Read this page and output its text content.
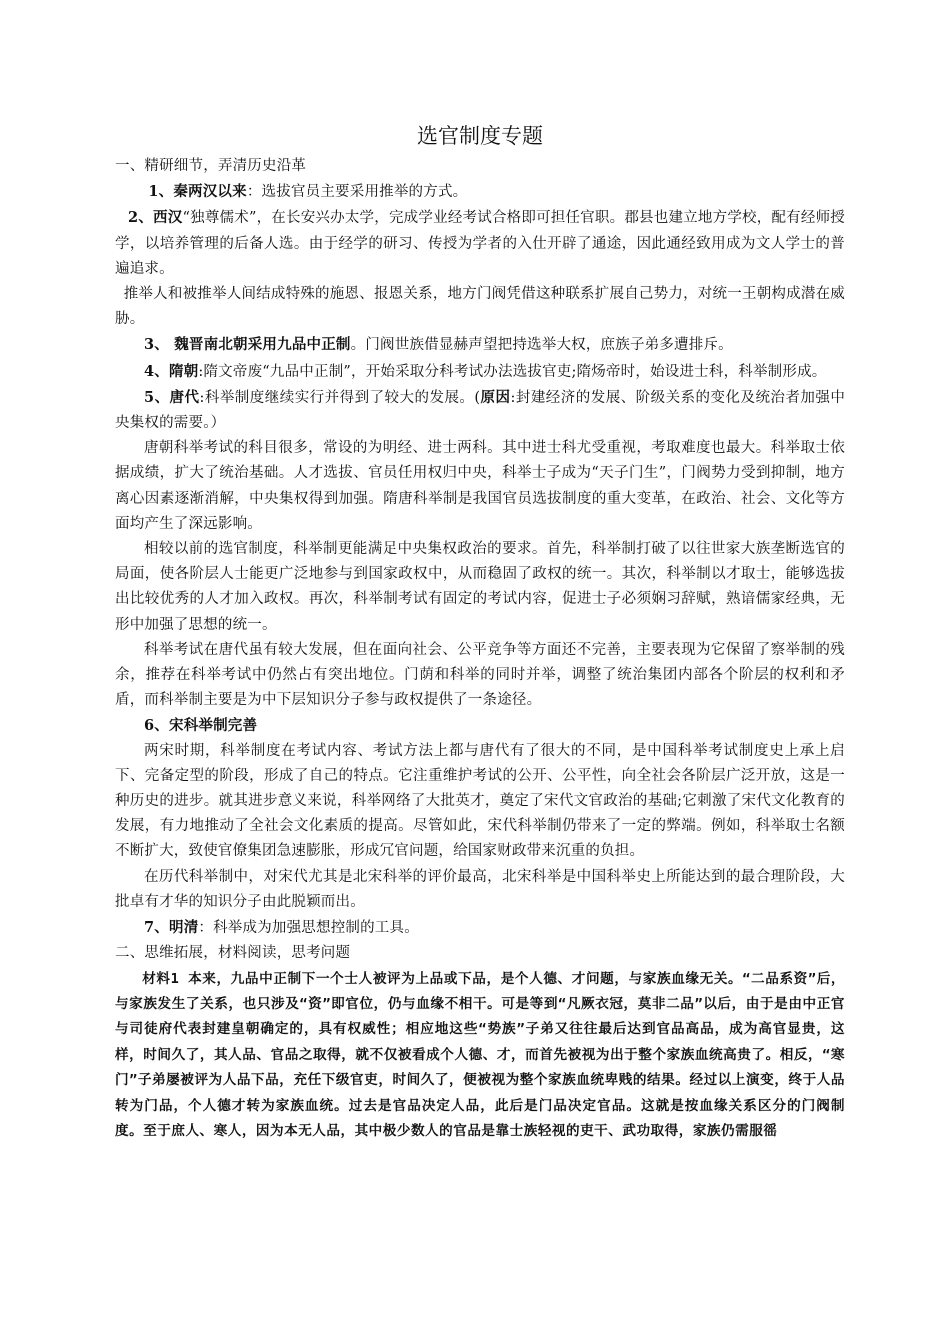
选官制度专题

一、精研细节，弄清历史沿革

1、秦两汉以来：选拔官员主要采用推举的方式。

2、西汉“独尊儒术”，在长安兴办太学，完成学业经考试合格即可担任官职。郡县也建立地方学校，配有经师授学，以培养管理的后备人选。由于经学的研习、传授为学者的入仕开辟了通途，因此通经致用成为文人学士的普遍追求。

推举人和被推举人间结成特殊的施恩、报恩关系，地方门阀凭借这种联系扩展自己势力，对统一王朝构成潜在威胁。

3、 魏晋南北朝采用九品中正制。门阀世族借显赫声望把持选举大权，庶族子弟多遭排斥。

4、隋朝:隋文帝废“九品中正制”，开始采取分科考试办法选拔官吏;隋炀帝时，始设进士科，科举制形成。

5、唐代:科举制度继续实行并得到了较大的发展。(原因:封建经济的发展、阶级关系的变化及统治者加强中央集权的需要。）

唐朝科举考试的科目很多，常设的为明经、进士两科。其中进士科尤受重视，考取难度也最大。科举取士依据成绩，扩大了统治基础。人才选拔、官员任用权归中央，科举士子成为“天子门生”，门阀势力受到抑制，地方离心因素逐渐消解，中央集权得到加强。隋唐科举制是我国官员选拔制度的重大变革，在政治、社会、文化等方面均产生了深远影响。

相较以前的选官制度，科举制更能满足中央集权政治的要求。首先，科举制打破了以往世家大族垄断选官的局面，使各阶层人士能更广泛地参与到国家政权中，从而稳固了政权的统一。其次，科举制以才取士，能够选拔出比较优秀的人才加入政权。再次，科举制考试有固定的考试内容，促进士子必须娴习辞赋，熟谙儒家经典，无形中加强了思想的统一。

科举考试在唐代虽有较大发展，但在面向社会、公平竞争等方面还不完善，主要表现为它保留了察举制的残余，推荐在科举考试中仍然占有突出地位。门荫和科举的同时并举，调整了统治集团内部各个阶层的权利和矛盾，而科举制主要是为中下层知识分子参与政权提供了一条途径。

6、宋科举制完善

两宋时期，科举制度在考试内容、考试方法上都与唐代有了很大的不同，是中国科举考试制度史上承上启下、完备定型的阶段，形成了自己的特点。它注重维护考试的公开、公平性，向全社会各阶层广泛开放，这是一种历史的进步。就其进步意义来说，科举网络了大批英才，奠定了宋代文官政治的基础;它刺激了宋代文化教育的发展，有力地推动了全社会文化素质的提高。尽管如此，宋代科举制仍带来了一定的弊端。例如，科举取士名额不断扩大，致使官僚集团急速膨胀，形成冗官问题，给国家财政带来沉重的负担。

在历代科举制中，对宋代尤其是北宋科举的评价最高，北宋科举是中国科举史上所能达到的最合理阶段，大批卓有才华的知识分子由此脱颖而出。

7、明清：科举成为加强思想控制的工具。

二、思维拓展，材料阅读，思考问题

材料1 本来，九品中正制下一个士人被评为上品或下品，是个人德、才问题，与家族血缘无关。“二品系资”后，与家族发生了关系，也只涉及“资”即官位，仍与血缘不相干。可是等到“凡厥衣冠，莫非二品”以后，由于是由中正官与司徒府代表封建皇朝确定的，具有权威性；相应地这些“势族”子弟又往往最后达到官品高品，成为高官显贵，这样，时间久了，其人品、官品之取得，就不仅被看成个人德、才，而首先被视为出于整个家族血统高贵了。相反，“寒门”子弟屡被评为人品下品，充任下级官吏，时间久了，便被视为整个家族血统卑贱的结果。经过以上演变，终于人品转为门品，个人德才转为家族血统。过去是官品决定人品，此后是门品决定官品。这就是按血缘关系区分的门阀制度。至于庶人、寒人，因为本无人品，其中极少数人的官品是靠士族轻视的吏干、武功取得，家族仍需服徭
